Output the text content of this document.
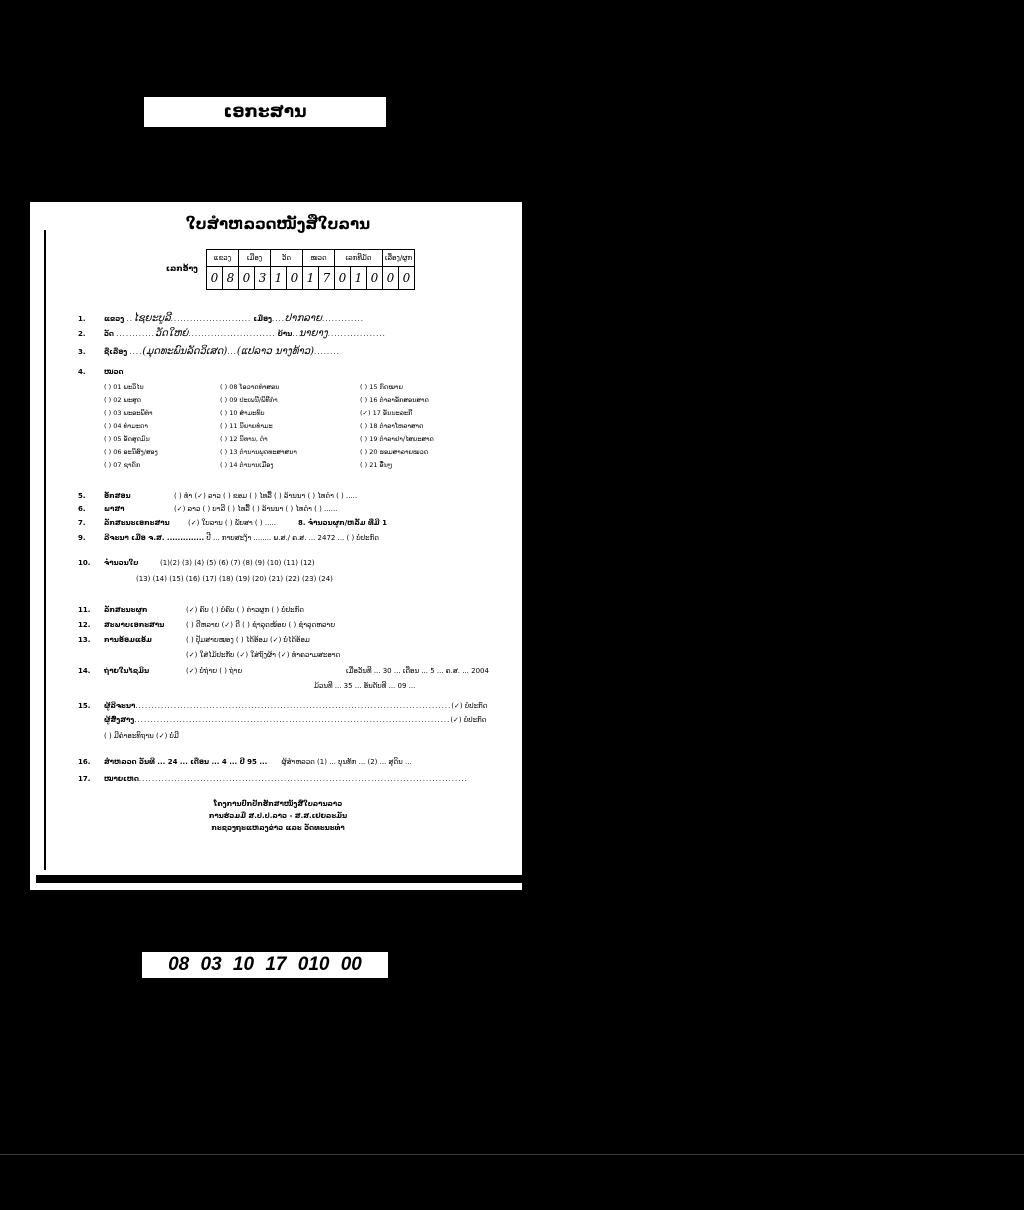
ເອກະສານ
ໃບສຳຫລວດໜັງສືໃບລານ
ເລກອ້າງ
ແຂວງ		ເມືອງ		ວັດ		ໝວດ		ເລກທີມັດ			ເລື່ອງ/ຜູກ	
0	8	0	3	1	0	1	7	0	1	0	0	0
1.	ແຂວງ ..ໄຊຍະບູລີ......................... ເມືອງ....ປາກລາຍ.............
2.	ວັດ ............ວັດໃຫຍ່........................... ບ້ານ..ນາຍາງ..................
3.	ຊື່ເລື່ອງ ....(ມຸດທະພົນລັດວິເສດ)...(ແປລາວ ນາງທ້າວ)........
4.	ໝວດ
( ) 01 ພະວິໄນ
( ) 02 ພະສູດ
( ) 03 ພະອະພິທຳ
( ) 04 ທຳມະດາ
( ) 05 ອັດສູດມົນ
( ) 06 ອະນິສົງ/ສອງ
( ) 07 ຊາດົກ
( ) 08 ໂອວາດທຳສອນ
( ) 09 ປະເພນີ/ພິທີກຳ
( ) 10 ສຳມະທົບ
( ) 11 ນິຍາຍທຳມະ
( ) 12 ນິທານ, ຕຳ
( ) 13 ຕຳນານພຸດທະສາສນາ
( ) 14 ຕຳນານເມືອງ
( ) 15 ກົດໝາຍ
( ) 16 ຕຳລາອັກສອນສາດ
(✓) 17 ອັນນະລະກີ
( ) 18 ຕຳລາໂຫລາສາດ
( ) 19 ຕຳລາຢາ/ໄສຍະສາດ
( ) 20 ຮອມສາລາຍໝວດ
( ) 21 ອື່ນໆ
5.	ອັກສອນ	( ) ທຳ (✓) ລາວ ( ) ຂອມ ( ) ໄທລື້ ( ) ລ້ານນາ ( ) ໄທດຳ ( ) .....
6.	ພາສາ	(✓) ລາວ ( ) ບາລີ ( ) ໄທລື້ ( ) ລ້ານນາ ( ) ໄທດຳ ( ) ......
7.	ລັກສະນະເອກະສານ	(✓) ໃບລານ ( ) ພັບສາ ( ) .....	8. ຈຳນວນຜູກ/ຫລັ້ມ ທີ່ມີ 1
9.	ລີຈະນາ ເມື່ອ ຈ.ສ. .............. ປີ ... ກາບສະງ້າ ........ ພ.ສ./ ຄ.ສ. ... 2472 ... ( ) ບໍ່ປະກົດ
10. ຈຳນວນໃບ	(1)(2) (3) (4) (5) (6) (7) (8) (9) (10) (11) (12)
(13) (14) (15) (16) (17) (18) (19) (20) (21) (22) (23) (24)
11. ລັກສະນະຜູກ	(✓) ຄົບ ( ) ບໍ່ຄົບ ( ) ຕ່າວຜູກ ( ) ບໍ່ປະກົດ
12. ສະພາບເອກະສານ	( ) ດີຫລາຍ (✓) ດີ ( ) ຊຳລຸດໜ້ອຍ ( ) ຊຳລຸດຫລາຍ
13. ການອ້ອມແອ້ມ	( ) ປຸ້ມສາຍໝອງ ( ) ໄດ້ອ້ອມ (✓) ບໍ່ໄດ້ອ້ອມ
(✓) ໃສ່ໄມ້ປະກັບ (✓) ໃສ່ຖົງຜ້າ (✓) ທຳຄວາມສະອາດ
14. ຖ່າຍໃນໄຊມິນ	(✓) ບໍ່ຖ່າຍ ( ) ຖ່າຍ	ເມື່ອວັນທີ ... 30 ... ເດືອນ ... 5 ... ຄ.ສ. ... 2004
ມ້ວນທີ ... 35 ... ອັນດັບທີ ... 09 ...
15. ຜູ້ລີຈະນາ..................................................................................................(✓) ບໍ່ປະກົດ
ຜູ້ສົ່ງສາງ..................................................................................................(✓) ບໍ່ປະກົດ
( ) ມີຄຳອະທິຖານ (✓) ບໍ່ມີ
16. ສຳຫລວດ ວັນທີ ... 24 ... ເດືອນ ... 4 ... ປີ 95 ... ຜູ້ສຳຫລວດ (1) ... ບຸນທັກ ... (2) ... ສຸດິນ ...
17. ໝາຍເຫດ......................................................................................................
ໂຄງການປົກປັກຮັກສາໜັງສືໃບລານລາວ
ການຮ່ວມມື ສ.ປ.ປ.ລາວ - ສ.ສ.ເຢຍລະມັນ
ກະຊວງຖະແຫລງຂ່າວ ແລະ ວັດທະນະທຳ
08 03 10 17 010 00
